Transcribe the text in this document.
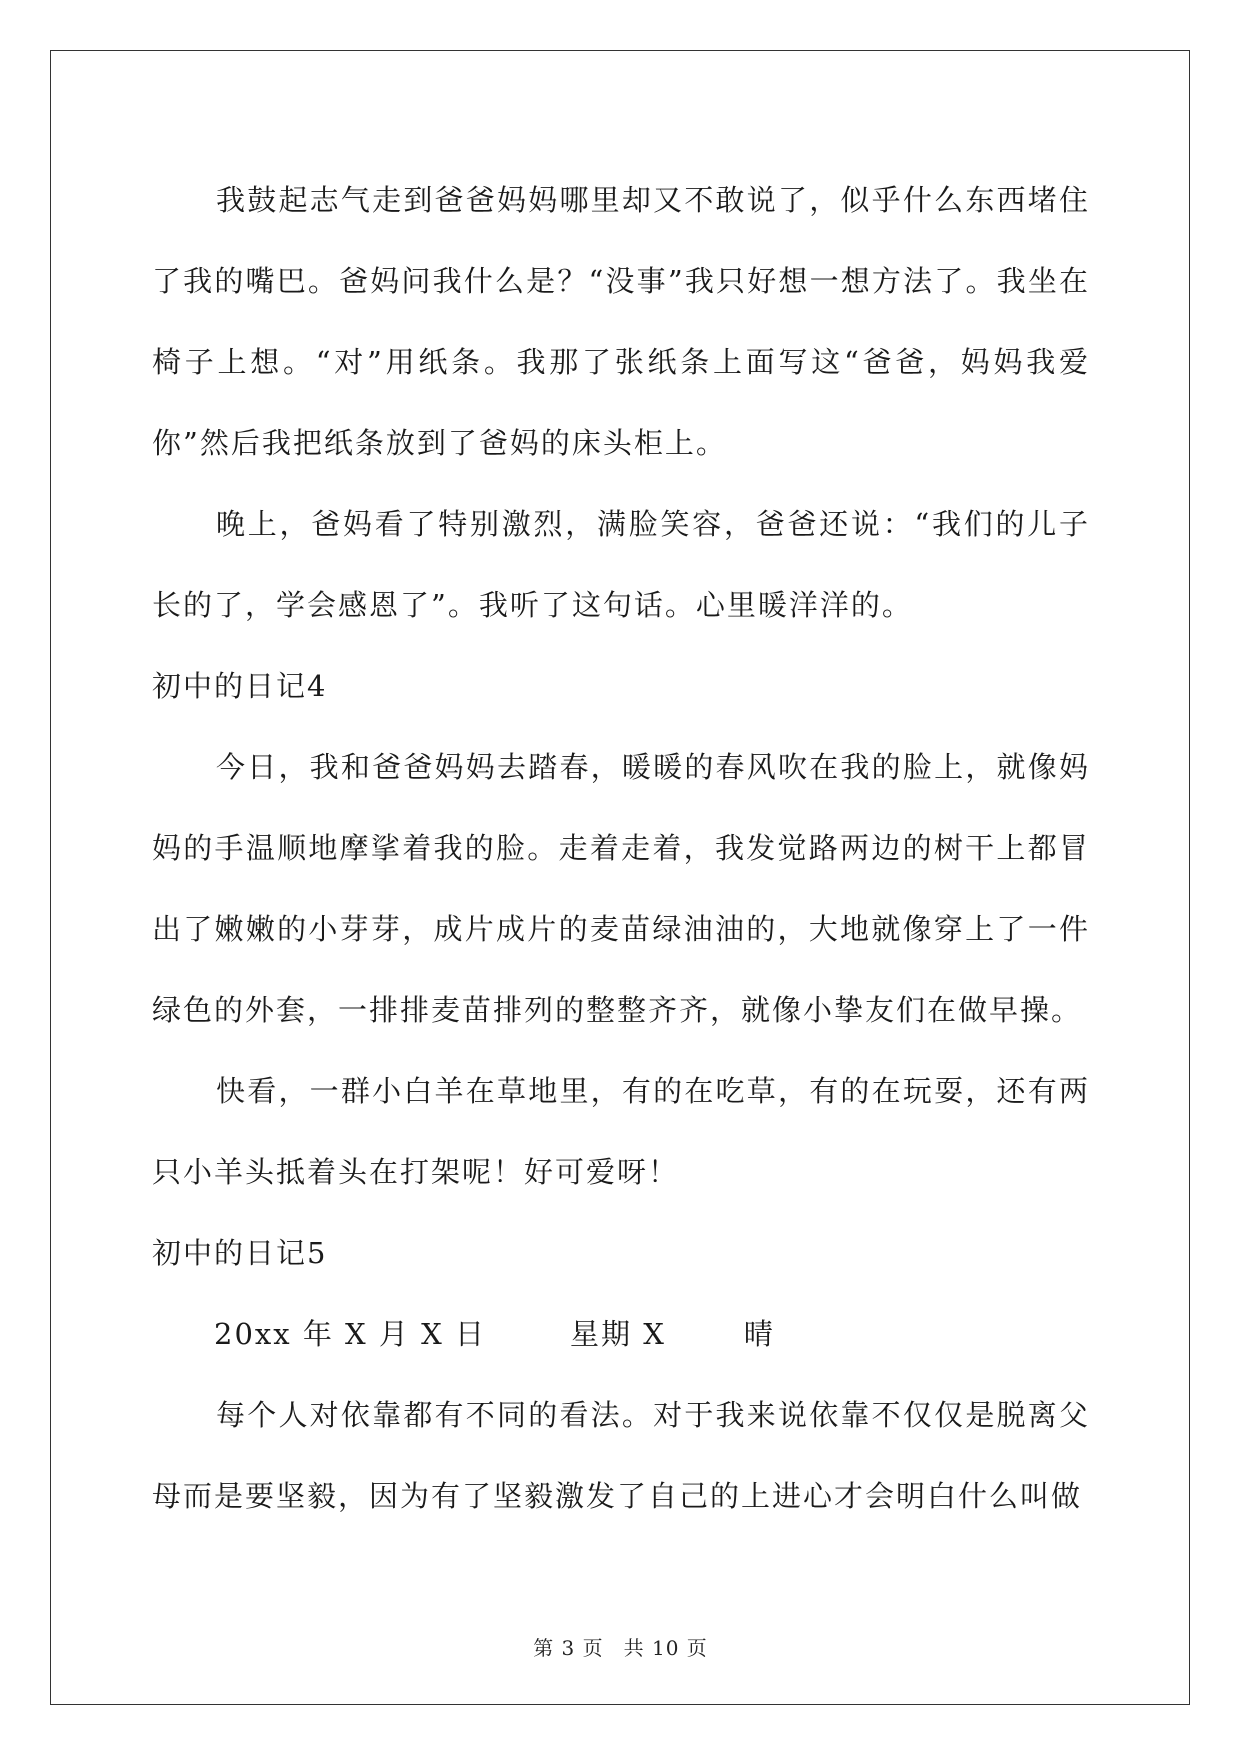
我鼓起志气走到爸爸妈妈哪里却又不敢说了，似乎什么东西堵住了我的嘴巴。爸妈问我什么是？“没事”我只好想一想方法了。我坐在椅子上想。“对”用纸条。我那了张纸条上面写这“爸爸，妈妈我爱你”然后我把纸条放到了爸妈的床头柜上。

晚上，爸妈看了特别激烈，满脸笑容，爸爸还说：“我们的儿子长的了，学会感恩了”。我听了这句话。心里暖洋洋的。

初中的日记4

今日，我和爸爸妈妈去踏春，暖暖的春风吹在我的脸上，就像妈妈的手温顺地摩挲着我的脸。走着走着，我发觉路两边的树干上都冒出了嫩嫩的小芽芽，成片成片的麦苗绿油油的，大地就像穿上了一件绿色的外套，一排排麦苗排列的整整齐齐，就像小挚友们在做早操。

快看，一群小白羊在草地里，有的在吃草，有的在玩耍，还有两只小羊头抵着头在打架呢！好可爱呀！

初中的日记5

20xx 年 X 月 X 日	星期 X	晴

每个人对依靠都有不同的看法。对于我来说依靠不仅仅是脱离父母而是要坚毅，因为有了坚毅激发了自己的上进心才会明白什么叫做

第 3 页 共 10 页
